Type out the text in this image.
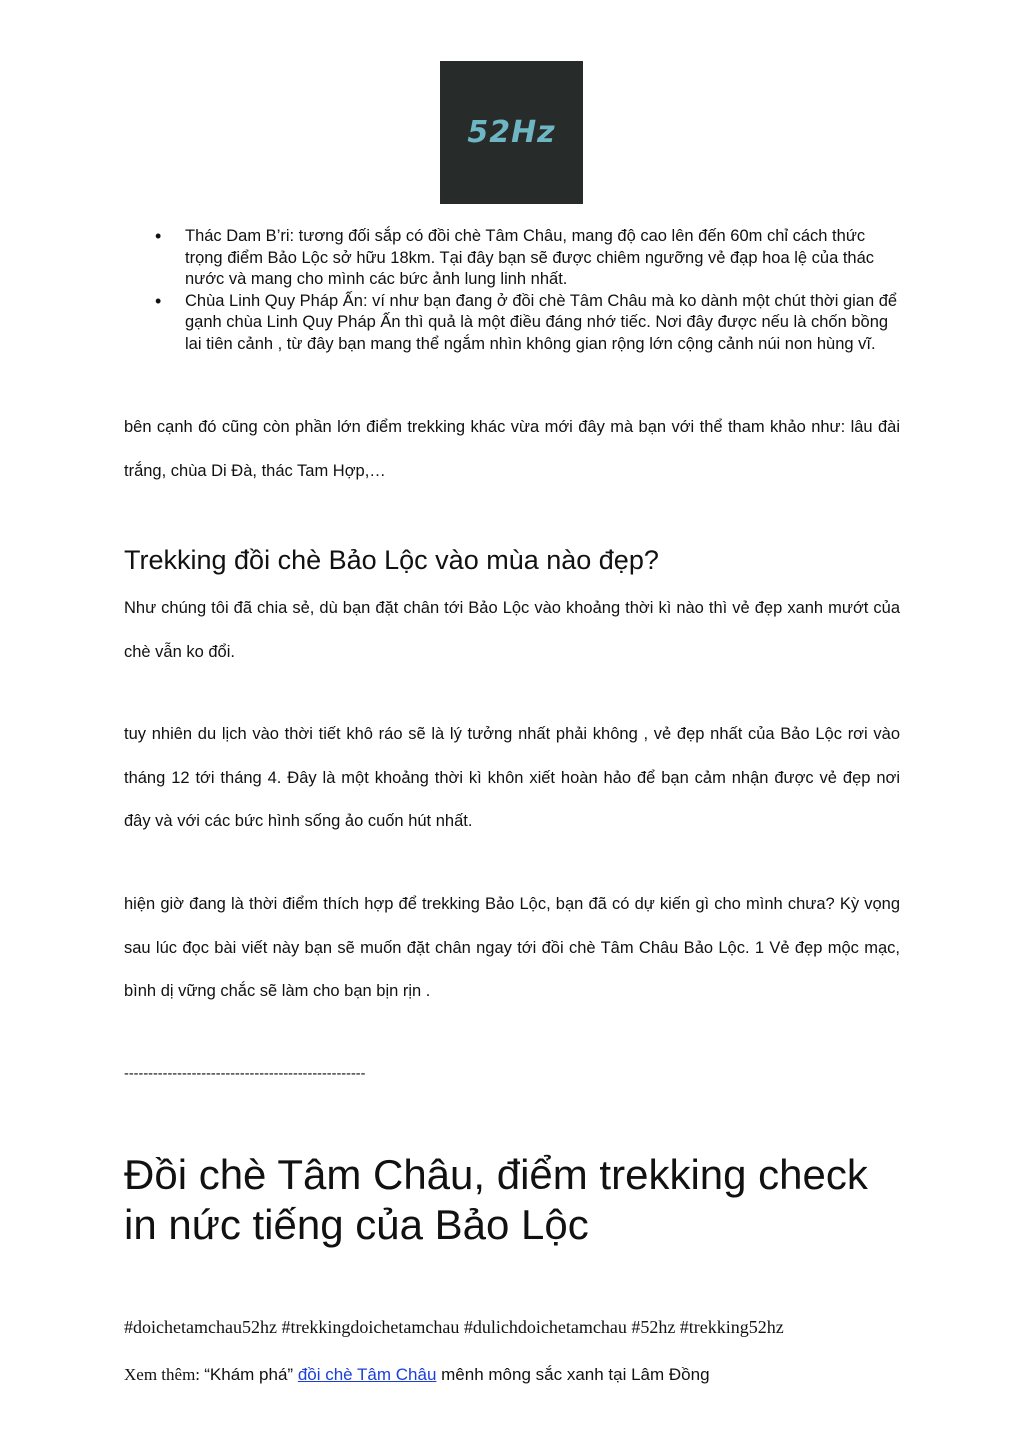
52Hz
• Thác Dam B’ri: tương đối sắp có đồi chè Tâm Châu, mang độ cao lên đến 60m chỉ cách thức trọng điểm Bảo Lộc sở hữu 18km. Tại đây bạn sẽ được chiêm ngưỡng vẻ đạp hoa lệ của thác nước và mang cho mình các bức ảnh lung linh nhất.
• Chùa Linh Quy Pháp Ấn: ví như bạn đang ở đồi chè Tâm Châu mà ko dành một chút thời gian để gạnh chùa Linh Quy Pháp Ấn thì quả là một điều đáng nhớ tiếc. Nơi đây được nếu là chốn bồng lai tiên cảnh , từ đây bạn mang thể ngắm nhìn không gian rộng lớn cộng cảnh núi non hùng vĩ.

bên cạnh đó cũng còn phần lớn điểm trekking khác vừa mới đây mà bạn với thể tham khảo như: lâu đài trắng, chùa Di Đà, thác Tam Hợp,…

Trekking đồi chè Bảo Lộc vào mùa nào đẹp?

Như chúng tôi đã chia sẻ, dù bạn đặt chân tới Bảo Lộc vào khoảng thời kì nào thì vẻ đẹp xanh mướt của chè vẫn ko đổi.

tuy nhiên du lịch vào thời tiết khô ráo sẽ là lý tưởng nhất phải không , vẻ đẹp nhất của Bảo Lộc rơi vào tháng 12 tới tháng 4. Đây là một khoảng thời kì khôn xiết hoàn hảo để bạn cảm nhận được vẻ đẹp nơi đây và với các bức hình sống ảo cuốn hút nhất.

hiện giờ đang là thời điểm thích hợp để trekking Bảo Lộc, bạn đã có dự kiến gì cho mình chưa? Kỳ vọng sau lúc đọc bài viết này bạn sẽ muốn đặt chân ngay tới đồi chè Tâm Châu Bảo Lộc. 1 Vẻ đẹp mộc mạc, bình dị vững chắc sẽ làm cho bạn bịn rịn .

--------------------------------------------------

Đồi chè Tâm Châu, điểm trekking check in nức tiếng của Bảo Lộc

#doichetamchau52hz #trekkingdoichetamchau #dulichdoichetamchau #52hz #trekking52hz

Xem thêm: “Khám phá” đồi chè Tâm Châu mênh mông sắc xanh tại Lâm Đồng
